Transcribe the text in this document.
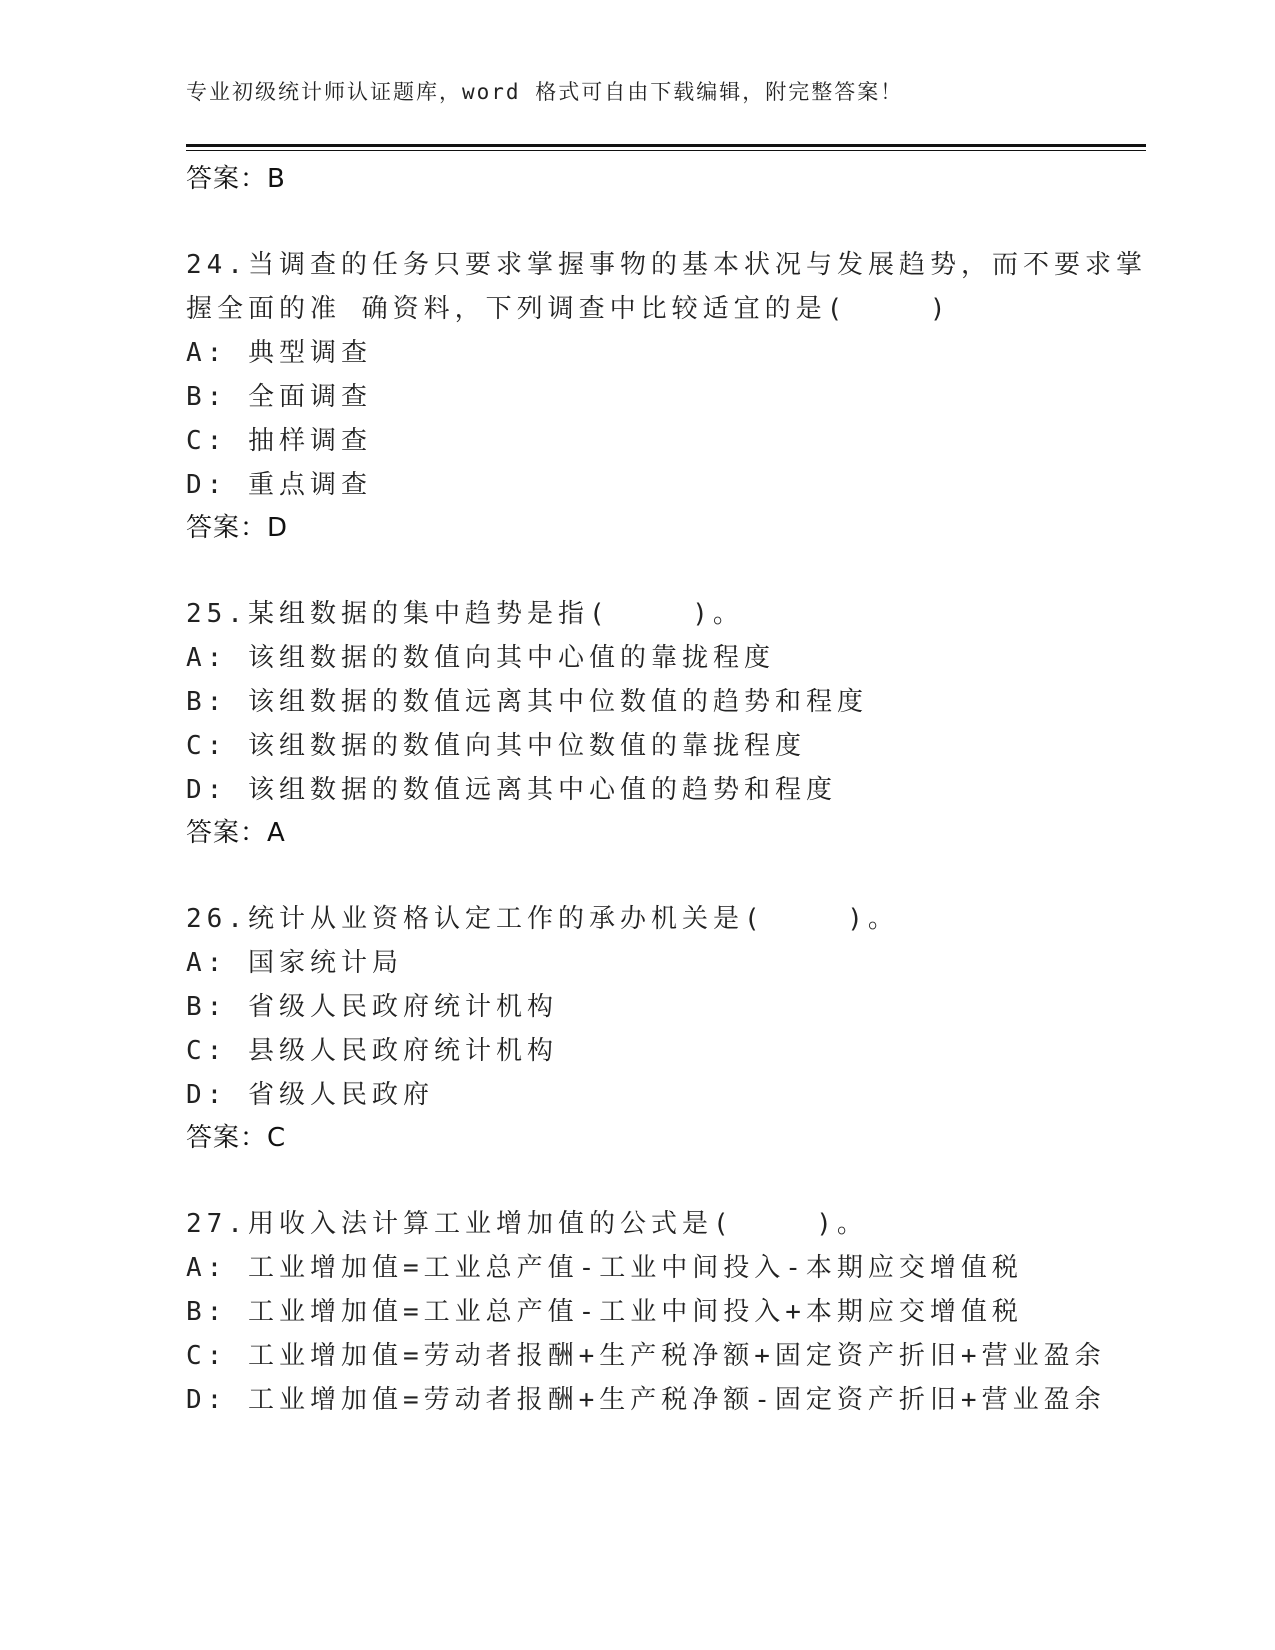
专业初级统计师认证题库，word 格式可自由下载编辑，附完整答案！
答案：B
24.当调查的任务只要求掌握事物的基本状况与发展趋势，而不要求掌
握全面的准 确资料，下列调查中比较适宜的是(    )
A: 典型调查
B: 全面调查
C: 抽样调查
D: 重点调查
答案：D
25.某组数据的集中趋势是指(    )。
A: 该组数据的数值向其中心值的靠拢程度
B: 该组数据的数值远离其中位数值的趋势和程度
C: 该组数据的数值向其中位数值的靠拢程度
D: 该组数据的数值远离其中心值的趋势和程度
答案：A
26.统计从业资格认定工作的承办机关是(    )。
A: 国家统计局
B: 省级人民政府统计机构
C: 县级人民政府统计机构
D: 省级人民政府
答案：C
27.用收入法计算工业增加值的公式是(    )。
A: 工业增加值=工业总产值-工业中间投入-本期应交增值税
B: 工业增加值=工业总产值-工业中间投入+本期应交增值税
C: 工业增加值=劳动者报酬+生产税净额+固定资产折旧+营业盈余
D: 工业增加值=劳动者报酬+生产税净额-固定资产折旧+营业盈余
